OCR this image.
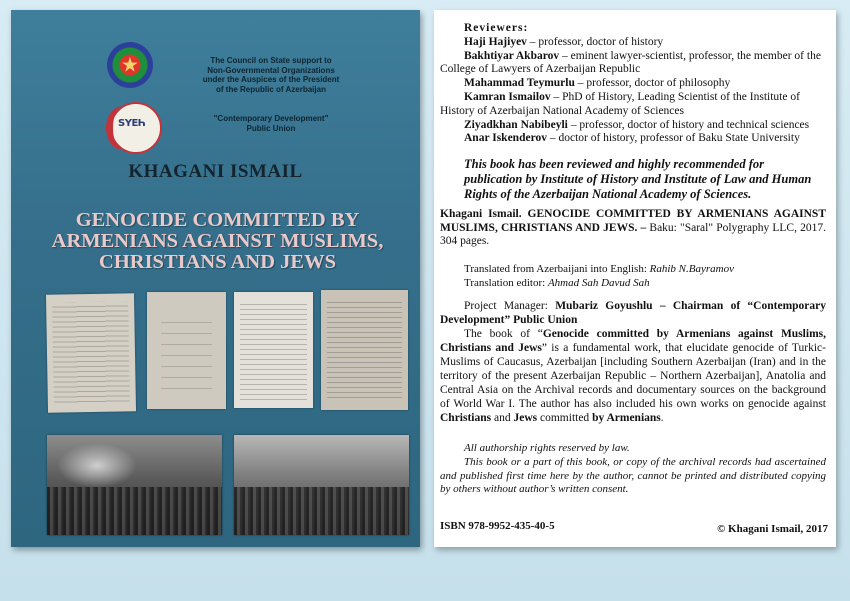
★
ЅҮЕҺ
The Council on State support to
Non-Governmental Organizations
under the Auspices of the President
of the Republic of Azerbaijan
"Contemporary Development"
Public Union
KHAGANI ISMAIL
GENOCIDE COMMITTED BY
ARMENIANS AGAINST MUSLIMS,
CHRISTIANS AND JEWS

Reviewers:

Haji Hajiyev – professor, doctor of history

Bakhtiyar Akbarov – eminent lawyer-scientist, professor, the member of the College of Lawyers of Azerbaijan Republic

Mahammad Teymurlu – professor, doctor of philosophy

Kamran Ismailov – PhD of History, Leading Scientist of the Institute of History of Azerbaijan National Academy of Sciences

Ziyadkhan Nabibeyli – professor, doctor of history and technical sciences

Anar Iskenderov – doctor of history, professor of Baku State University

This book has been reviewed and highly recommended for publication by Institute of History and Institute of Law and Human Rights of the Azerbaijan National Academy of Sciences.
Khagani Ismail. GENOCIDE COMMITTED BY ARMENIANS AGAINST MUSLIMS, CHRISTIANS AND JEWS. – Baku: "Saral" Polygraphy LLC, 2017. 304 pages.
Translated from Azerbaijani into English: Rahib N.Bayramov
Translation editor: Ahmad Sah Davud Sah

Project Manager: Mubariz Goyushlu – Chairman of “Contemporary Development” Public Union

The book of “Genocide committed by Armenians against Muslims, Christians and Jews” is a fundamental work, that elucidate genocide of Turkic-Muslims of Caucasus, Azerbaijan [including Southern Azerbaijan (Iran) and in the territory of the present Azerbaijan Republic – Northern Azerbaijan], Anatolia and Central Asia on the Archival records and documentary sources on the background of World War I. The author has also included his own works on genocide against Christians and Jews committed by Armenians.

All authorship rights reserved by law.

This book or a part of this book, or copy of the archival records had ascertained and published first time here by the author, cannot be printed and distributed copying by others without author’s written consent.

ISBN 978-9952-435-40-5	© Khagani Ismail, 2017
